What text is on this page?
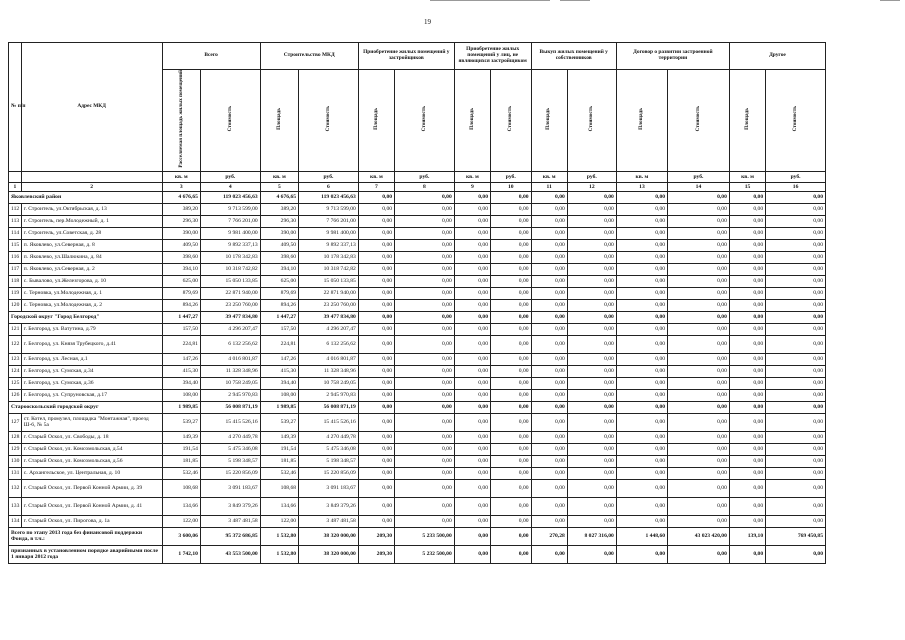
19
№ п/п	Адрес МКД	Всего		Строительство МКД		Приобретение жилых помещений у застройщиков		Приобретение жилых помещений у лиц, не являющихся застройщиком		Выкуп жилых помещений у собственников		Договор о развитии застроенной территории		Другое	
		Расселяемая площадь жилых помещений	Стоимость	Площадь	Стоимость	Площадь	Стоимость	Площадь	Стоимость	Площадь	Стоимость	Площадь	Стоимость	Площадь	Стоимость
		кв. м	руб.	кв. м	руб.	кв. м	руб.	кв. м	руб.	кв. м	руб.	кв. м	руб.	кв. м	руб.
1	2	3	4	5	6	7	8	9	10	11	12	13	14	15	16
Яковлевский район		4 676,65	119 023 456,63	4 676,65	119 023 456,63	0,00	0,00	0,00	0,00	0,00	0,00	0,00	0,00	0,00	0,00
112	г. Строитель, ул.Октябрьская, д. 13	389,20	9 713 599,00	389,20	9 713 599,00	0,00	0,00	0,00	0,00	0,00	0,00	0,00	0,00	0,00	0,00
113	г. Строитель, пер.Молодежный, д. 1	296,30	7 766 201,00	296,30	7 766 201,00	0,00	0,00	0,00	0,00	0,00	0,00	0,00	0,00	0,00	0,00
114	г. Строитель, ул.Советская, д. 28	390,00	9 981 400,00	390,00	9 981 400,00	0,00	0,00	0,00	0,00	0,00	0,00	0,00	0,00	0,00	0,00
115	п. Яковлево, ул.Северная, д. 8	409,50	9 892 337,13	409,50	9 892 337,13	0,00	0,00	0,00	0,00	0,00	0,00	0,00	0,00	0,00	0,00
116	п. Яковлево, ул.Шалюкина, д. 84	398,60	10 178 342,83	398,60	10 178 342,83	0,00	0,00	0,00	0,00	0,00	0,00	0,00	0,00	0,00	0,00
117	п. Яковлево, ул.Северная, д. 2	394,10	10 318 742,82	394,10	10 318 742,82	0,00	0,00	0,00	0,00	0,00	0,00	0,00	0,00	0,00	0,00
118	с. Бывалово, ул.Железгорова, д. 10	625,00	15 050 133,85	625,00	15 050 133,85	0,00	0,00	0,00	0,00	0,00	0,00	0,00	0,00	0,00	0,00
119	с. Терновка, ул.Молодежная, д. 1	879,69	22 871 940,00	879,69	22 871 940,00	0,00	0,00	0,00	0,00	0,00	0,00	0,00	0,00	0,00	0,00
120	с. Терновка, ул.Молодежная, д. 2	894,26	23 250 760,00	894,26	23 250 760,00	0,00	0,00	0,00	0,00	0,00	0,00	0,00	0,00	0,00	0,00
Городской округ "Город Белгород"		1 447,27	39 477 834,80	1 447,27	39 477 834,80	0,00	0,00	0,00	0,00	0,00	0,00	0,00	0,00	0,00	0,00
121	г. Белгород, ул. Ватутина, д.79	157,50	4 296 207,47	157,50	4 296 207,47	0,00	0,00	0,00	0,00	0,00	0,00	0,00	0,00	0,00	0,00
122	г. Белгород, ул. Князя Трубецкого, д.41	224,81	6 132 256,62	224,81	6 132 256,62	0,00	0,00	0,00	0,00	0,00	0,00	0,00	0,00	0,00	0,00
123	г. Белгород, ул. Лесная, д.1	147,26	4 016 801,87	147,26	4 016 801,87	0,00	0,00	0,00	0,00	0,00	0,00	0,00	0,00	0,00	0,00
124	г. Белгород, ул. Сумская, д.34	415,30	11 328 348,96	415,30	11 328 348,96	0,00	0,00	0,00	0,00	0,00	0,00	0,00	0,00	0,00	0,00
125	г. Белгород, ул. Сумская, д.36	394,40	10 758 249,05	394,40	10 758 249,05	0,00	0,00	0,00	0,00	0,00	0,00	0,00	0,00	0,00	0,00
126	г. Белгород, ул. Супруновская, д.17	108,00	2 945 970,83	108,00	2 945 970,83	0,00	0,00	0,00	0,00	0,00	0,00	0,00	0,00	0,00	0,00
Старооскольский городской округ		1 989,85	56 008 871,19	1 989,85	56 008 871,19	0,00	0,00	0,00	0,00	0,00	0,00	0,00	0,00	0,00	0,00
127	ст. Котел, промузел, площадка "Монтажная", проезд Ш-6, № 5а	539,27	15 415 526,16	539,27	15 415 526,16	0,00	0,00	0,00	0,00	0,00	0,00	0,00	0,00	0,00	0,00
128	г. Старый Оскол, ул. Свободы, д. 18	149,39	4 270 449,78	149,39	4 270 449,78	0,00	0,00	0,00	0,00	0,00	0,00	0,00	0,00	0,00	0,00
129	г. Старый Оскол, ул. Комсомольская, д.54	191,54	5 475 346,08	191,54	5 475 346,08	0,00	0,00	0,00	0,00	0,00	0,00	0,00	0,00	0,00	0,00
130	г. Старый Оскол, ул. Комсомольская, д.56	181,85	5 198 348,57	181,85	5 198 348,57	0,00	0,00	0,00	0,00	0,00	0,00	0,00	0,00	0,00	0,00
131	с. Архангельское, ул. Центральная, д. 10	532,46	15 220 856,09	532,46	15 220 856,09	0,00	0,00	0,00	0,00	0,00	0,00	0,00	0,00	0,00	0,00
132	г. Старый Оскол, ул. Первой Конной Армии, д. 39	108,68	3 091 183,67	108,68	3 091 183,67	0,00	0,00	0,00	0,00	0,00	0,00	0,00	0,00	0,00	0,00
133	г. Старый Оскол, ул. Первой Конной Армии, д. 41	134,66	3 849 379,26	134,66	3 849 379,26	0,00	0,00	0,00	0,00	0,00	0,00	0,00	0,00	0,00	0,00
134	г. Старый Оскол, ул. Пирогова, д. 1а	122,00	3 487 481,58	122,00	3 487 481,58	0,00	0,00	0,00	0,00	0,00	0,00	0,00	0,00	0,00	0,00
Всего по этапу 2013 года без финансовой поддержки Фонда, в т.ч.:		3 600,06	95 372 686,85	1 532,80	38 320 000,00	209,30	5 233 500,00	0,00	0,00	270,28	8 027 316,00	1 448,60	43 023 420,00	139,10	769 450,85
признанных в установленном порядке аварийными после 1 января 2012 года		1 742,10	43 553 500,00	1 532,80	38 320 000,00	209,30	5 232 500,00	0,00	0,00	0,00	0,00	0,00	0,00	0,00	0,00
